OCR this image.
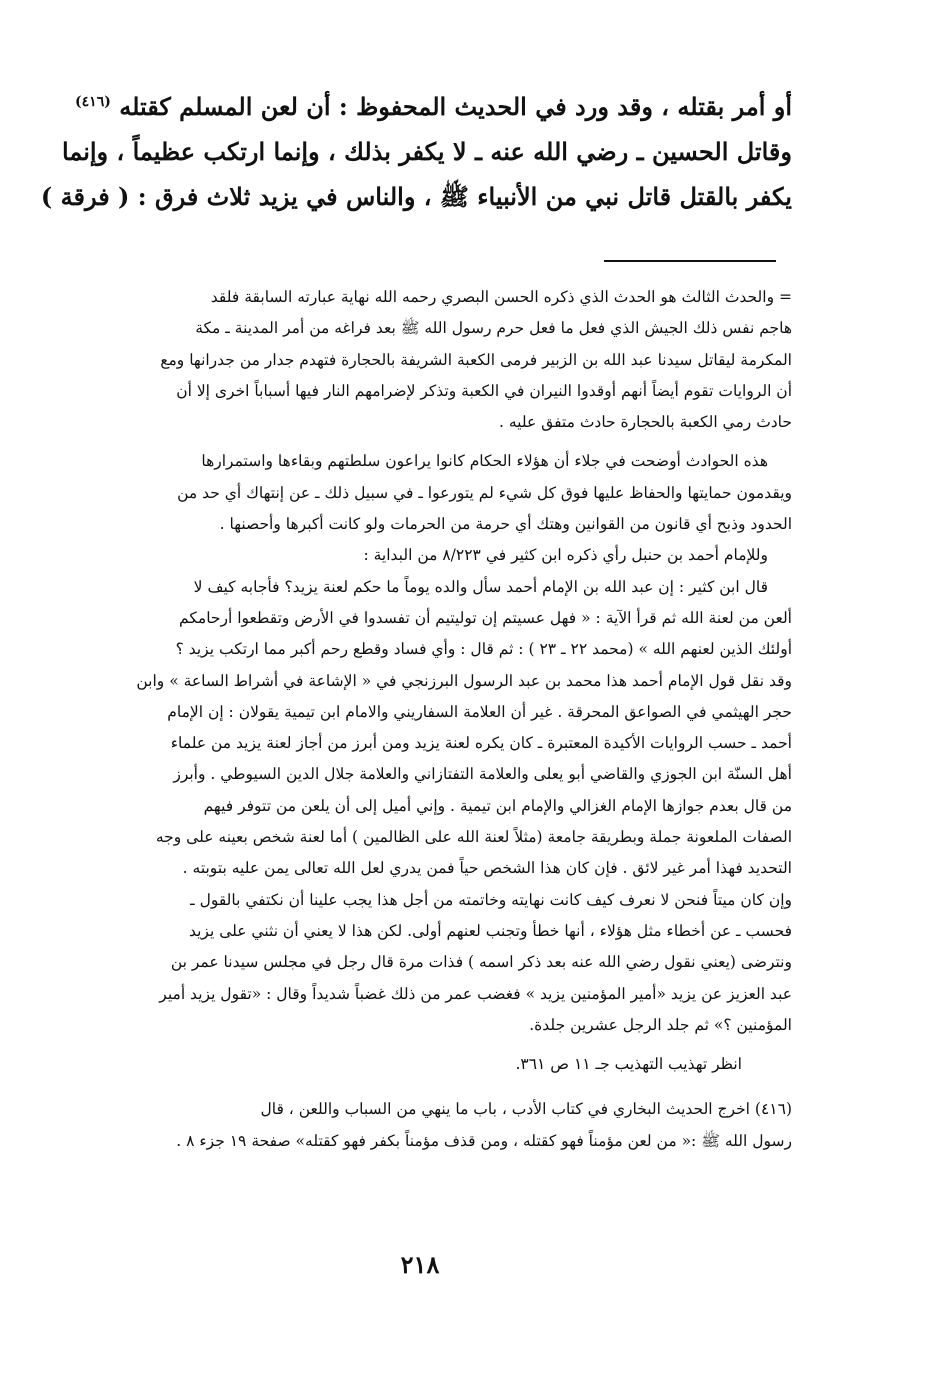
أو أمر بقتله ، وقد ورد في الحديث المحفوظ : أن لعن المسلم كقتله $^{(٤١٦)}$
وقاتل الحسين ـ رضي الله عنه ـ لا يكفر بذلك ، وإنما ارتكب عظيماً ، وإنما
يكفر بالقتل قاتل نبي من الأنبياء ﷺ ، والناس في يزيد ثلاث فرق : ( فرقة )
= والحدث الثالث هو الحدث الذي ذكره الحسن البصري رحمه الله نهاية عبارته السابقة فلقد
هاجم نفس ذلك الجيش الذي فعل ما فعل حرم رسول الله ﷺ بعد فراغه من أمر المدينة ـ مكة
المكرمة ليقاتل سيدنا عبد الله بن الزبير فرمى الكعبة الشريفة بالحجارة فتهدم جدار من جدرانها ومع
أن الروايات تقوم أيضاً أنهم أوقدوا النيران في الكعبة وتذكر لإضرامهم النار فيها أسباباً اخرى إلا أن
حادث رمي الكعبة بالحجارة حادث متفق عليه .
هذه الحوادث أوضحت في جلاء أن هؤلاء الحكام كانوا يراعون سلطتهم وبقاءها واستمرارها
ويقدمون حمايتها والحفاظ عليها فوق كل شيء لم يتورعوا ـ في سبيل ذلك ـ عن إنتهاك أي حد من
الحدود وذبح أي قانون من القوانين وهتك أي حرمة من الحرمات ولو كانت أكبرها وأحصنها .
وللإمام أحمد بن حنبل رأي ذكره ابن كثير في ٨/٢٢٣ من البداية :
قال ابن كثير : إن عبد الله بن الإمام أحمد سأل والده يوماً ما حكم لعنة يزيد؟ فأجابه كيف لا
ألعن من لعنة الله ثم قرأ الآية : « فهل عسيتم إن توليتيم أن تفسدوا في الأرض وتقطعوا أرحامكم
أولئك الذين لعنهم الله » (محمد ٢٢ ـ ٢٣ ) : ثم قال : وأي فساد وقطع رحم أكبر مما ارتكب يزيد ؟
وقد نقل قول الإمام أحمد هذا محمد بن عبد الرسول البرزنجي في « الإشاعة في أشراط الساعة » وابن
حجر الهيثمي في الصواعق المحرقة . غير أن العلامة السفاريني والامام ابن تيمية يقولان : إن الإمام
أحمد ـ حسب الروايات الأكيدة المعتبرة ـ كان يكره لعنة يزيد ومن أبرز من أجاز لعنة يزيد من علماء
أهل السنّة ابن الجوزي والقاضي أبو يعلى والعلامة التفتازاني والعلامة جلال الدين السيوطي . وأبرز
من قال بعدم جوازها الإمام الغزالي والإمام ابن تيمية . وإني أميل إلى أن يلعن من تتوفر فيهم
الصفات الملعونة جملة وبطريقة جامعة (مثلاً لعنة الله على الظالمين ) أما لعنة شخص بعينه على وجه
التحديد فهذا أمر غير لائق . فإن كان هذا الشخص حياً فمن يدري لعل الله تعالى يمن عليه بتوبته .
وإن كان ميتاً فنحن لا نعرف كيف كانت نهايته وخاتمته من أجل هذا يجب علينا أن نكتفي بالقول ـ
فحسب ـ عن أخطاء مثل هؤلاء ، أنها خطأ وتجنب لعنهم أولى. لكن هذا لا يعني أن نثني على يزيد
ونترضى (يعني نقول رضي الله عنه بعد ذكر اسمه ) فذات مرة قال رجل في مجلس سيدنا عمر بن
عبد العزيز عن يزيد «أمير المؤمنين يزيد » فغضب عمر من ذلك غضباً شديداً وقال : «تقول يزيد أمير
المؤمنين ؟» ثم جلد الرجل عشرين جلدة.
انظر تهذيب التهذيب جـ ١١ ص ٣٦١.
(٤١٦) اخرج الحديث البخاري في كتاب الأدب ، باب ما ينهي من السباب واللعن ، قال
رسول الله ﷺ :« من لعن مؤمناً فهو كقتله ، ومن قذف مؤمناً بكفر فهو كقتله» صفحة ١٩ جزء ٨ .
٢١٨
